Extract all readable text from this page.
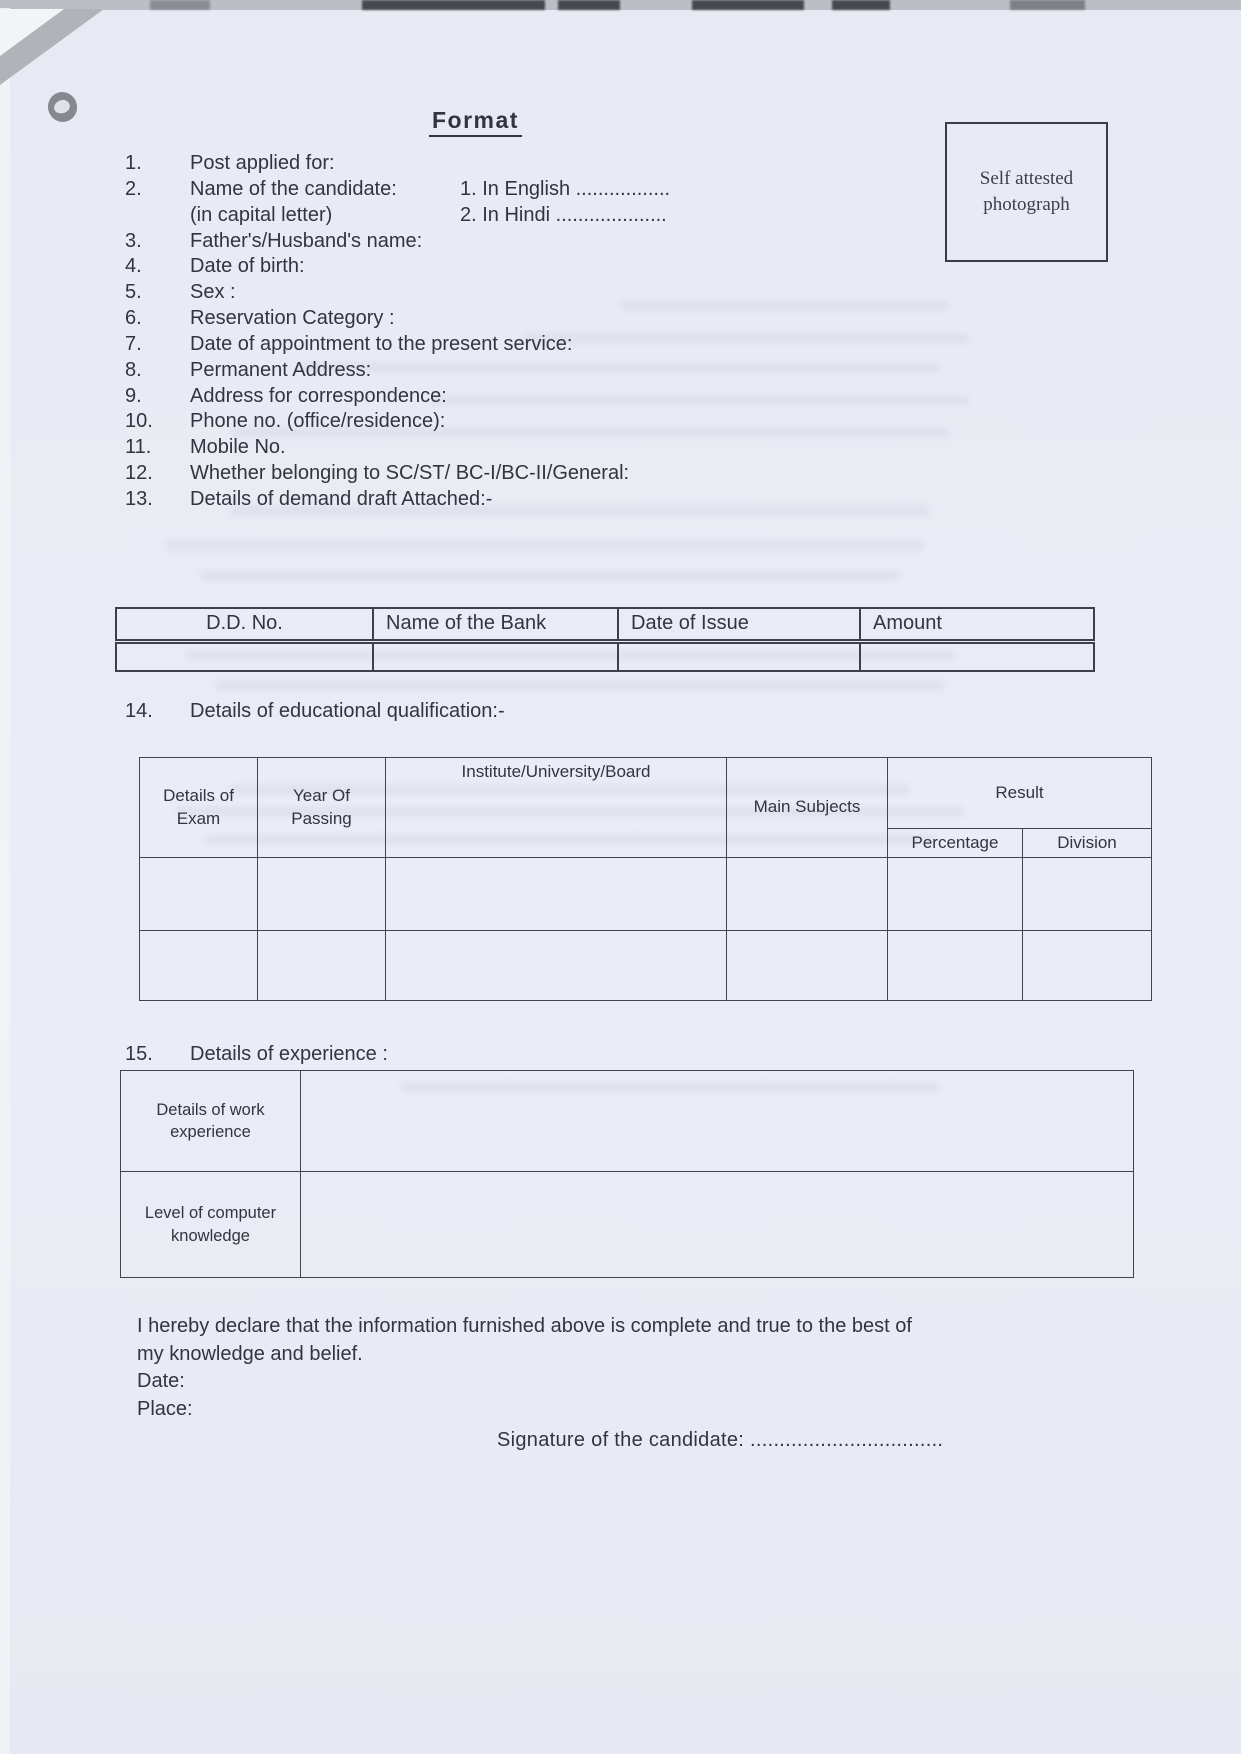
Format
Self attested photograph
1.	Post applied for:
2.	Name of the candidate:
(in capital letter)
1. In English .................
2. In Hindi ....................
3.	Father's/Husband's name:
4.	Date of birth:
5.	Sex :
6.	Reservation Category :
7.	Date of appointment to the present service:
8.	Permanent Address:
9.	Address for correspondence:
10.	Phone no. (office/residence):
11.	Mobile No.
12.	Whether belonging to SC/ST/ BC-I/BC-II/General:
13.	Details of demand draft Attached:-
D.D. No.	Name of the Bank	Date of Issue	Amount

14.	Details of educational qualification:-
Details of Exam	Year Of Passing	Institute/University/Board	Main Subjects	Result	
				Percentage	Division

15.	Details of experience :
Details of work experience	
Level of computer knowledge	
I hereby declare that the information furnished above is complete and true to the best of my knowledge and belief.
Date:
Place:
Signature of the candidate: .................................
